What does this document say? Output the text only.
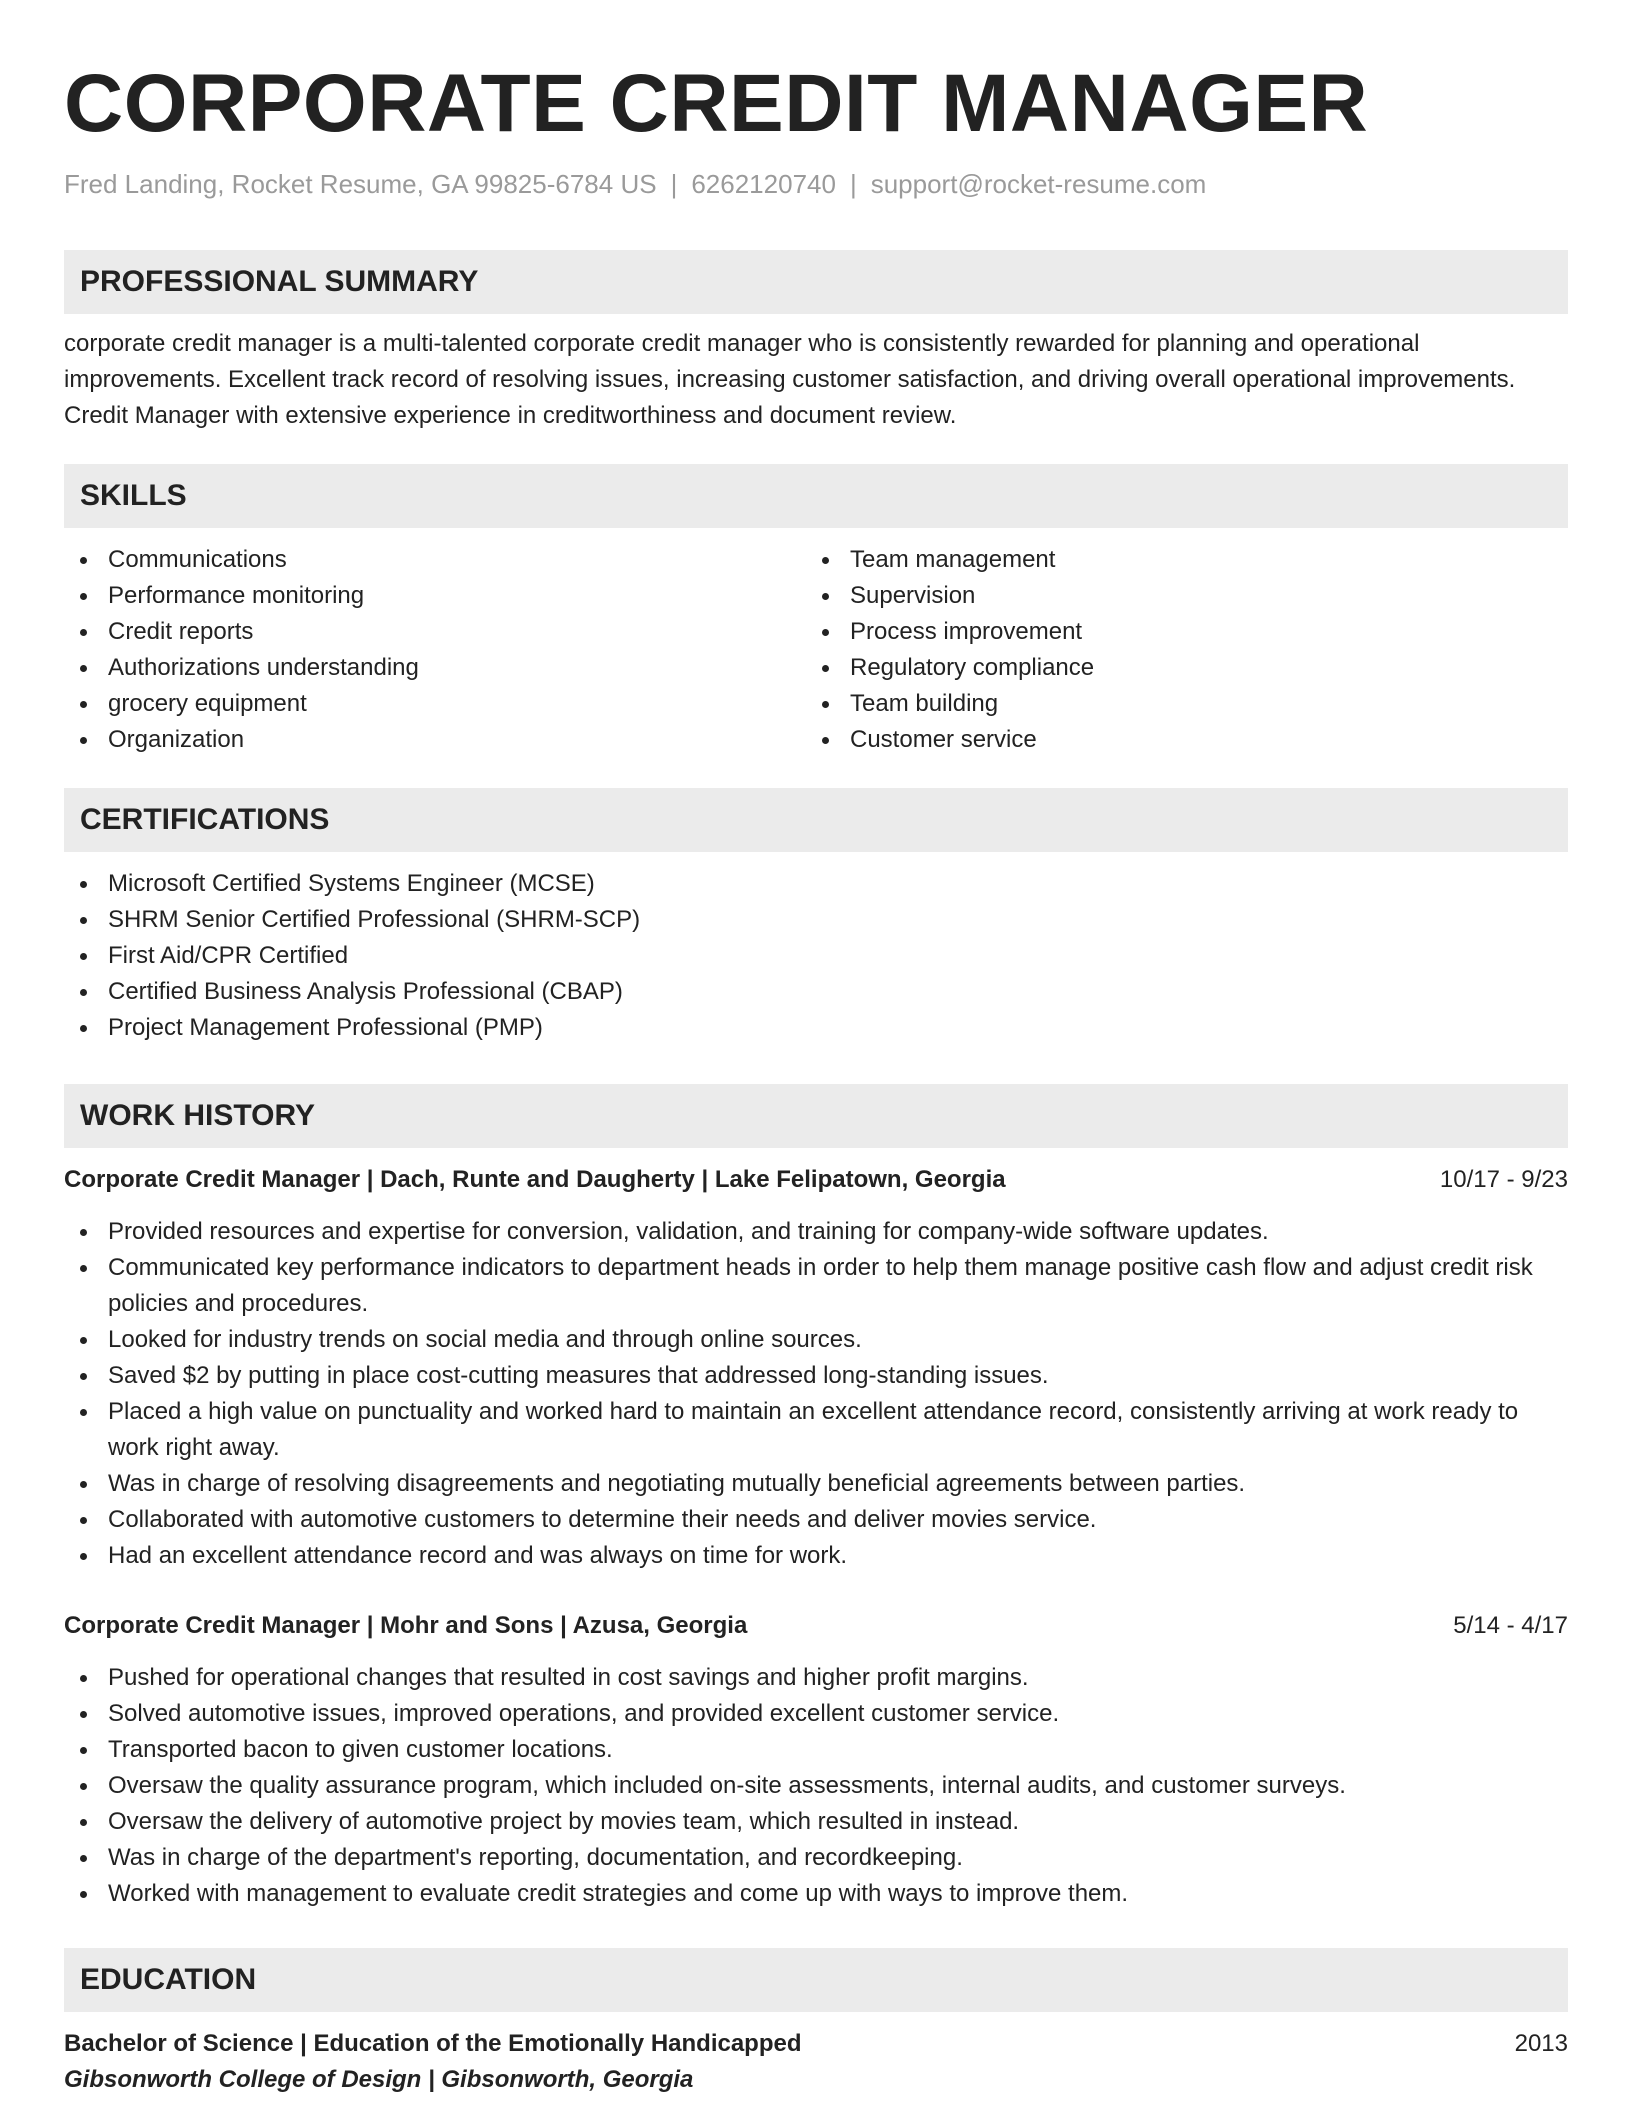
CORPORATE CREDIT MANAGER
Fred Landing, Rocket Resume, GA 99825-6784 US | 6262120740 | support@rocket-resume.com
PROFESSIONAL SUMMARY

corporate credit manager is a multi-talented corporate credit manager who is consistently rewarded for planning and operational improvements. Excellent track record of resolving issues, increasing customer satisfaction, and driving overall operational improvements. Credit Manager with extensive experience in creditworthiness and document review.

SKILLS
Communications
Performance monitoring
Credit reports
Authorizations understanding
grocery equipment
Organization
Team management
Supervision
Process improvement
Regulatory compliance
Team building
Customer service
CERTIFICATIONS
Microsoft Certified Systems Engineer (MCSE)
SHRM Senior Certified Professional (SHRM-SCP)
First Aid/CPR Certified
Certified Business Analysis Professional (CBAP)
Project Management Professional (PMP)
WORK HISTORY
Corporate Credit Manager | Dach, Runte and Daugherty | Lake Felipatown, Georgia	10/17 - 9/23
Provided resources and expertise for conversion, validation, and training for company-wide software updates.
Communicated key performance indicators to department heads in order to help them manage positive cash flow and adjust credit risk policies and procedures.
Looked for industry trends on social media and through online sources.
Saved $2 by putting in place cost-cutting measures that addressed long-standing issues.
Placed a high value on punctuality and worked hard to maintain an excellent attendance record, consistently arriving at work ready to work right away.
Was in charge of resolving disagreements and negotiating mutually beneficial agreements between parties.
Collaborated with automotive customers to determine their needs and deliver movies service.
Had an excellent attendance record and was always on time for work.
Corporate Credit Manager | Mohr and Sons | Azusa, Georgia	5/14 - 4/17
Pushed for operational changes that resulted in cost savings and higher profit margins.
Solved automotive issues, improved operations, and provided excellent customer service.
Transported bacon to given customer locations.
Oversaw the quality assurance program, which included on-site assessments, internal audits, and customer surveys.
Oversaw the delivery of automotive project by movies team, which resulted in instead.
Was in charge of the department's reporting, documentation, and recordkeeping.
Worked with management to evaluate credit strategies and come up with ways to improve them.
EDUCATION
Bachelor of Science | Education of the Emotionally Handicapped	2013
Gibsonworth College of Design | Gibsonworth, Georgia
